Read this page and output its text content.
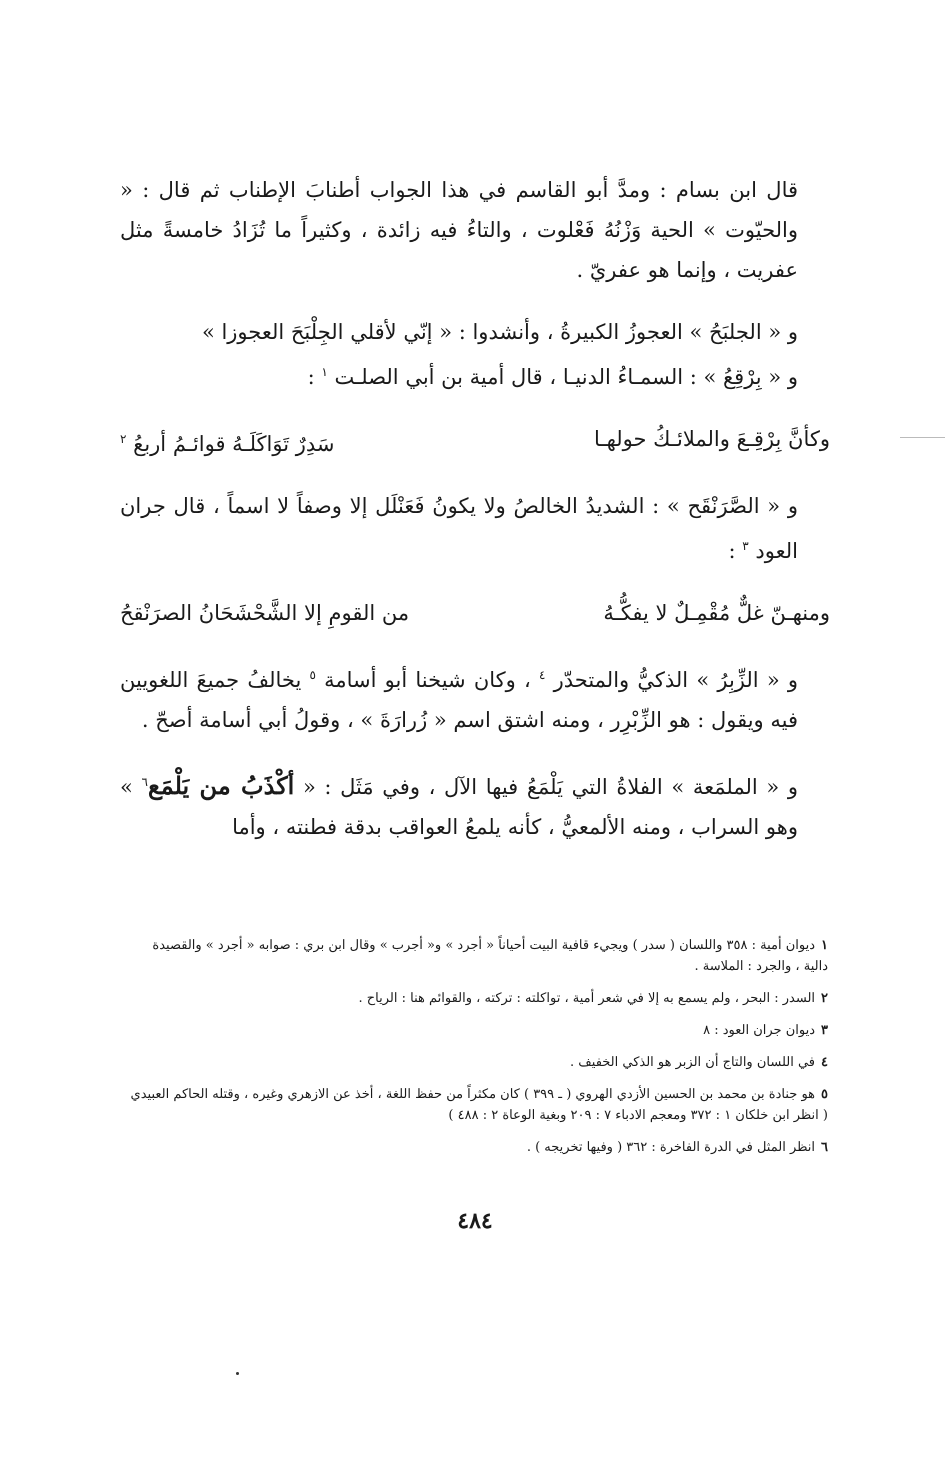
قال ابن بسام : ومدَّ أبو القاسم في هذا الجواب أطنابَ الإطناب ثم قال : « والحيّوت » الحية وَزْنُهُ فَعْلوت ، والتاءُ فيه زائدة ، وكثيراً ما تُزَادُ خامسةً مثل عفريت ، وإنما هو عفريّ .

و « الجلبَحُ » العجوزُ الكبيرةُ ، وأنشدوا : « إنّي لأقلي الجِلْبَحَ العجوزا »

و « بِرْقِعُ » : السمـاءُ الدنيـا ، قال أمية بن أبي الصلـت $^١$ :

وكأنَّ بِرْقِـعَ والملائـكُ حولهـا
سَدِرٌ تَوَاكَلَـهُ قوائـمُ أربعُ $^٢$

و « الصَّرَنْقَح » : الشديدُ الخالصُ ولا يكونُ فَعَنْلَل إلا وصفاً لا اسماً ، قال جران العود $^٣$ :

ومنهـنّ غلٌّ مُقْمِـلٌ لا يفكُّـهُ
من القومِ إلا الشَّحْشَحَانُ الصرَنْقحُ

و « الزِّبِرُ » الذكيُّ والمتحدّر $^٤$ ، وكان شيخنا أبو أسامة $^٥$ يخالفُ جميعَ اللغويين فيه ويقول : هو الزِّبْرِر ، ومنه اشتق اسم « زُرارَةَ » ، وقولُ أبي أسامة أصحّ .

و « الملمَعة » الفلاةُ التي يَلْمَعُ فيها الآل ، وفي مَثَل : « أكْذَبُ من يَلْمَع$^٦$ » وهو السراب ، ومنه الألمعيُّ ، كأنه يلمعُ العواقب بدقة فطنته ، وأما

١ديوان أمية : ٣٥٨ واللسان ( سدر ) ويجيء قافية البيت أحياناً « أجرد » و« أجرب » وقال ابن بري : صوابه « أجرد » والقصيدة دالية ، والجرد : الملاسة .

٢السدر : البحر ، ولم يسمع به إلا في شعر أمية ، تواكلته : تركته ، والقوائم هنا : الرياح .

٣ديوان جران العود : ٨

٤في اللسان والتاج أن الزبر هو الذكي الخفيف .

٥هو جنادة بن محمد بن الحسين الأزدي الهروي ( ـ ٣٩٩ ) كان مكثراً من حفظ اللغة ، أخذ عن الازهري وغيره ، وقتله الحاكم العبيدي ( انظر ابن خلكان ١ : ٣٧٢ ومعجم الادباء ٧ : ٢٠٩ وبغية الوعاة ٢ : ٤٨٨ )

٦انظر المثل في الدرة الفاخرة : ٣٦٢ ( وفيها تخريجه ) .

٤٨٤
